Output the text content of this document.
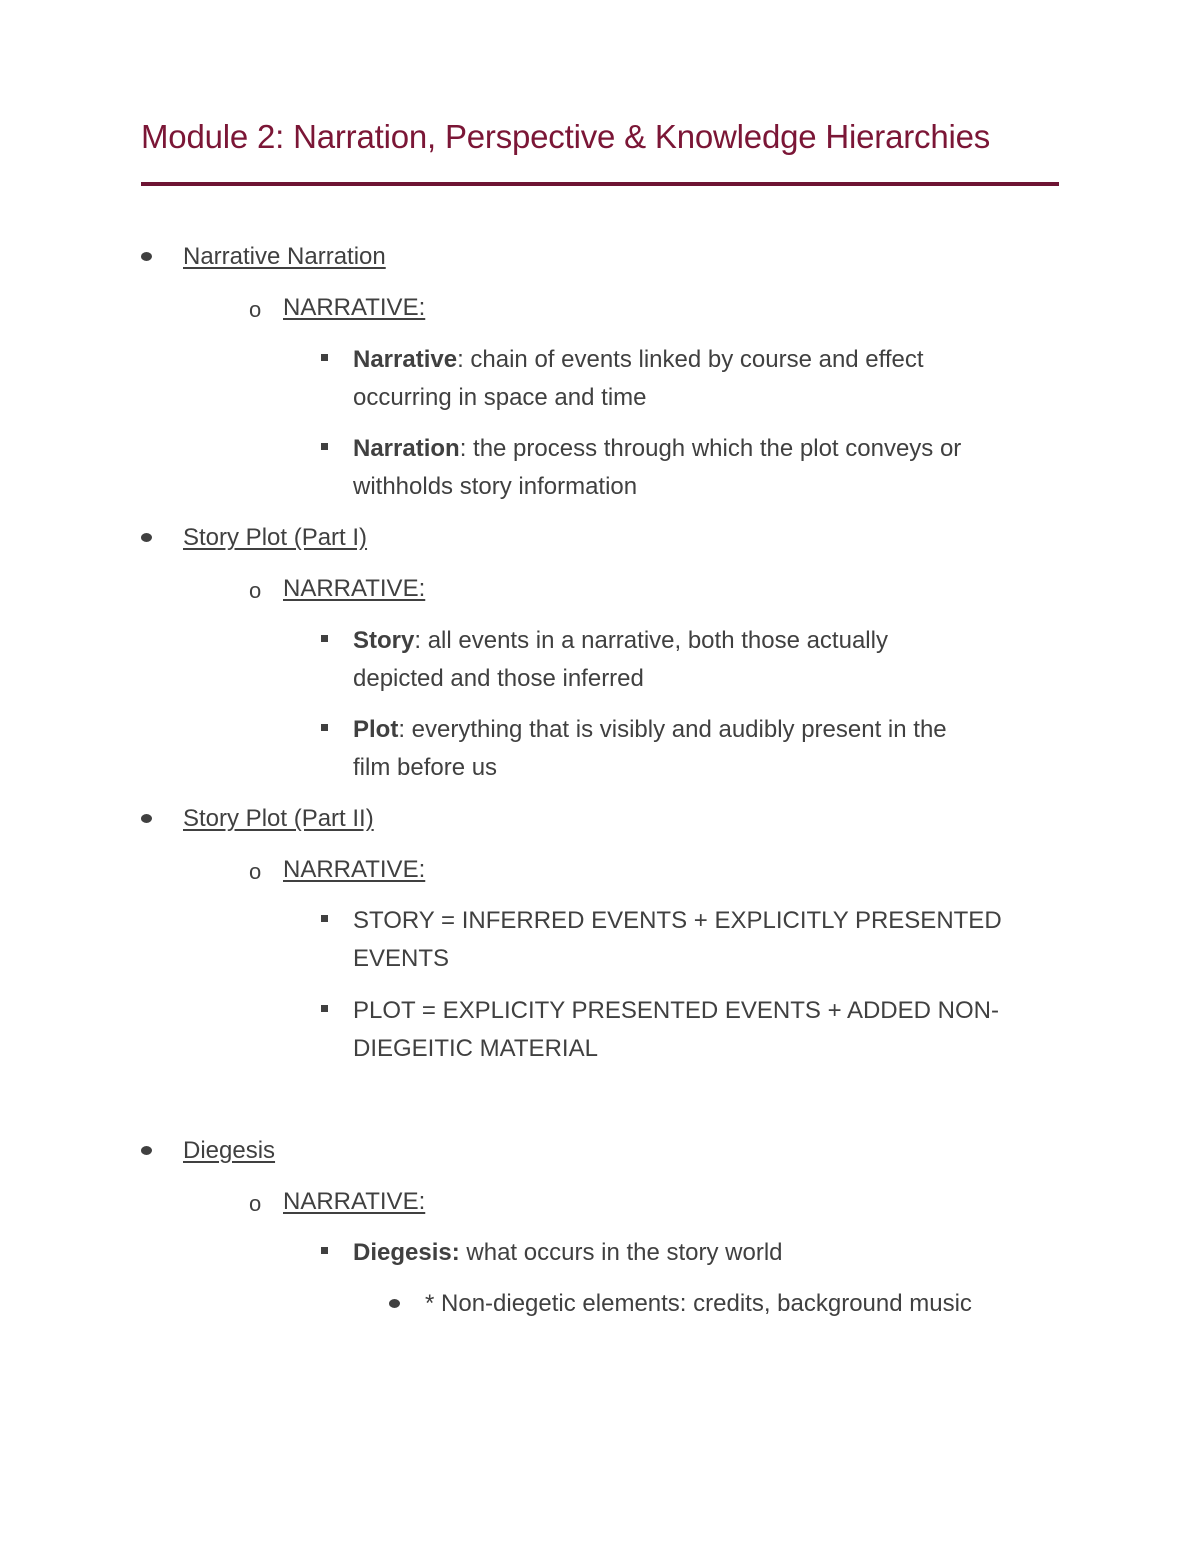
Module 2: Narration, Perspective & Knowledge Hierarchies
Narrative Narration
o NARRATIVE:
Narrative: chain of events linked by course and effect
occurring in space and time
Narration: the process through which the plot conveys or
withholds story information
Story Plot (Part I)
o NARRATIVE:
Story: all events in a narrative, both those actually
depicted and those inferred
Plot: everything that is visibly and audibly present in the
film before us
Story Plot (Part II)
o NARRATIVE:
STORY = INFERRED EVENTS + EXPLICITLY PRESENTED
EVENTS
PLOT = EXPLICITY PRESENTED EVENTS + ADDED NON-
DIEGEITIC MATERIAL
Diegesis
o NARRATIVE:
Diegesis: what occurs in the story world
* Non-diegetic elements: credits, background music
